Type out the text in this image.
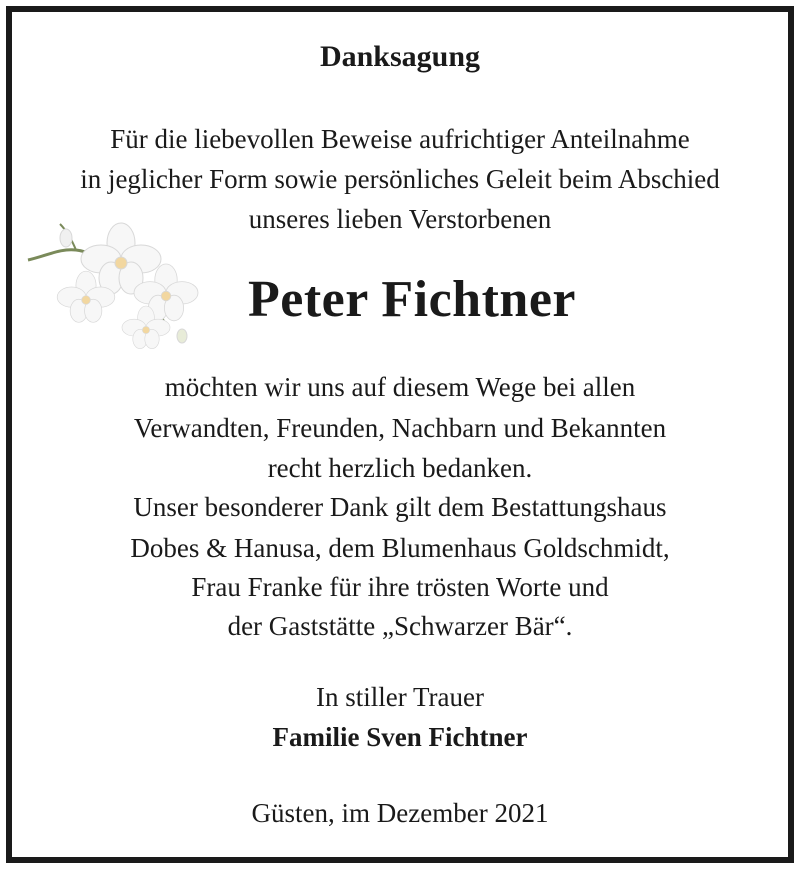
Danksagung
Für die liebevollen Beweise aufrichtiger Anteilnahme
in jeglicher Form sowie persönliches Geleit beim Abschied
unseres lieben Verstorbenen
Peter Fichtner
möchten wir uns auf diesem Wege bei allen
Verwandten, Freunden, Nachbarn und Bekannten
recht herzlich bedanken.
Unser besonderer Dank gilt dem Bestattungshaus
Dobes & Hanusa, dem Blumenhaus Goldschmidt,
Frau Franke für ihre trösten Worte und
der Gaststätte „Schwarzer Bär“.
In stiller Trauer
Familie Sven Fichtner
Güsten, im Dezember 2021
